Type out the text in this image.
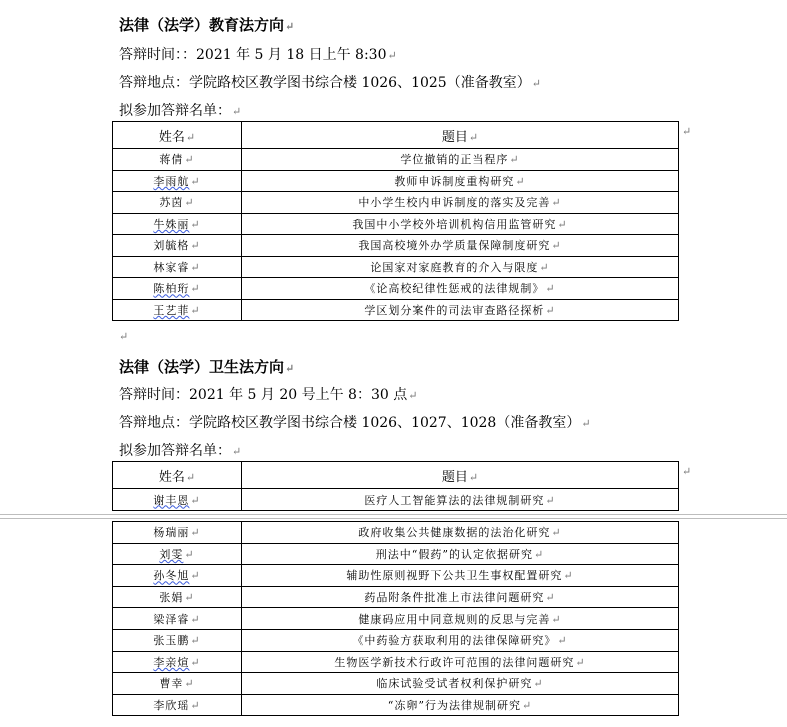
法律（法学）教育法方向↵
答辩时间：：2021 年 5 月 18 日上午 8:30↵
答辩地点：学院路校区教学图书综合楼 1026、1025（准备教室）↵
拟参加答辩名单：↵
姓名↵	题目↵
蒋倩↵	学位撤销的正当程序↵
李雨航↵	教师申诉制度重构研究↵
苏茵↵	中小学生校内申诉制度的落实及完善↵
牛姝丽↵	我国中小学校外培训机构信用监管研究↵
刘毓格↵	我国高校境外办学质量保障制度研究↵
林家睿↵	论国家对家庭教育的介入与限度↵
陈柏珩↵	《论高校纪律性惩戒的法律规制》↵
王艺菲↵	学区划分案件的司法审查路径探析↵
↵
↵
法律（法学）卫生法方向↵
答辩时间：2021 年 5 月 20 号上午 8：30 点↵
答辩地点：学院路校区教学图书综合楼 1026、1027、1028（准备教室）↵
拟参加答辩名单：↵
姓名↵	题目↵
谢丰恩↵	医疗人工智能算法的法律规制研究↵
↵
杨瑞丽↵	政府收集公共健康数据的法治化研究↵
刘雯↵	刑法中“假药”的认定依据研究↵
孙冬旭↵	辅助性原则视野下公共卫生事权配置研究↵
张娟↵	药品附条件批准上市法律问题研究↵
梁泽睿↵	健康码应用中同意规则的反思与完善↵
张玉鹏↵	《中药验方获取利用的法律保障研究》↵
李亲煊↵	生物医学新技术行政许可范围的法律问题研究↵
曹幸↵	临床试验受试者权利保护研究↵
李欣瑶↵	“冻卵”行为法律规制研究↵
